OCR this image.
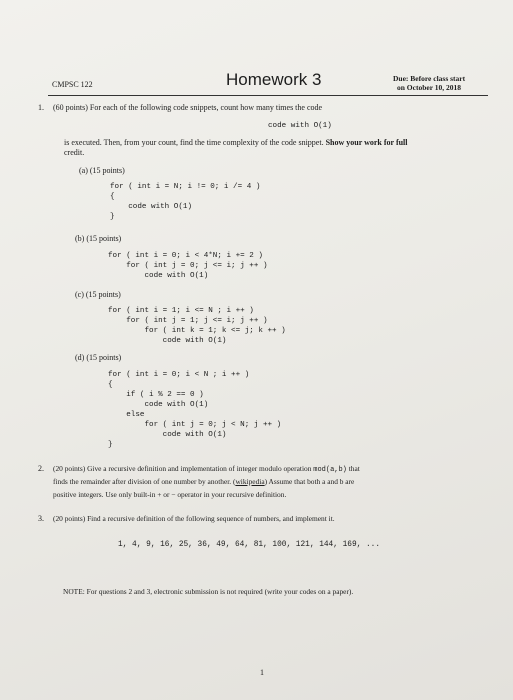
CMPSC 122	Homework 3	Due: Before class start
on October 10, 2018
1. (60 points) For each of the following code snippets, count how many times the code
code with O(1)
is executed. Then, from your count, find the time complexity of the code snippet. Show your work for full
credit.
(a) (15 points)
for ( int i = N; i != 0; i /= 4 )
{
code with O(1)
}
(b) (15 points)
for ( int i = 0; i < 4*N; i += 2 )
for ( int j = 0; j <= i; j ++ )
code with O(1)
(c) (15 points)
for ( int i = 1; i <= N ; i ++ )
for ( int j = 1; j <= i; j ++ )
for ( int k = 1; k <= j; k ++ )
code with O(1)
(d) (15 points)
for ( int i = 0; i < N ; i ++ )
{
if ( i % 2 == 0 )
code with O(1)
else
for ( int j = 0; j < N; j ++ )
code with O(1)
}
2. (20 points) Give a recursive definition and implementation of integer modulo operation mod(a,b) that
finds the remainder after division of one number by another. (wikipedia) Assume that both a and b are
positive integers. Use only built-in + or − operator in your recursive definition.
3. (20 points) Find a recursive definition of the following sequence of numbers, and implement it.
1, 4, 9, 16, 25, 36, 49, 64, 81, 100, 121, 144, 169, ...
NOTE: For questions 2 and 3, electronic submission is not required (write your codes on a paper).
1
